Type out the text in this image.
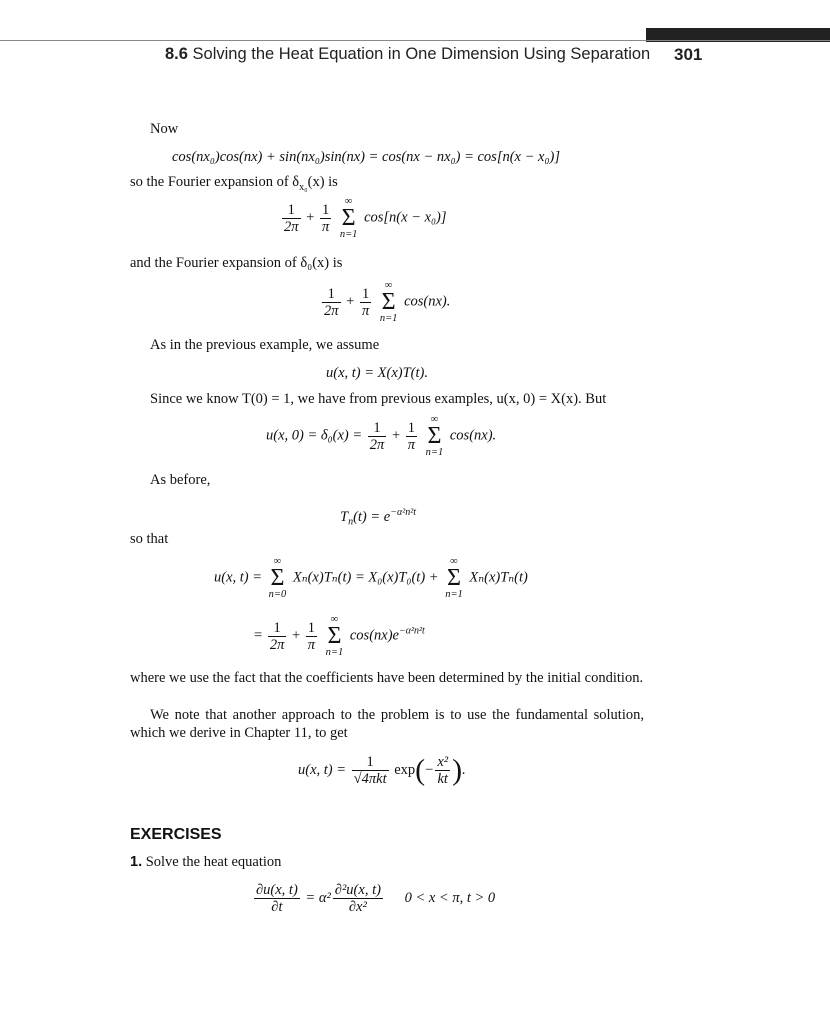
8.6 Solving the Heat Equation in One Dimension Using Separation 301
Now
cos(nx₀)cos(nx) + sin(nx₀)sin(nx) = cos(nx − nx₀) = cos[n(x − x₀)]
so the Fourier expansion of $\delta_{x_0}(x)$ is
$\frac{1}{2\pi} + \frac{1}{\pi}$
	∞
Σ
n=1
cos[n(x − x₀)]
and the Fourier expansion of δ₀(x) is
$\frac{1}{2\pi} + \frac{1}{\pi}$
	∞
Σ
n=1
cos(nx).
As in the previous example, we assume
u(x, t) = X(x)T(t).
Since we know T(0) = 1, we have from previous examples, u(x, 0) = X(x). But
u(x, $0) = \delta_0(x) = \frac{1}{2\pi} + \frac{1}{\pi}$
	∞
Σ
n=1
cos(nx).
As before,
$T_n(t) = e^{-\alpha^2n^2t}$
so that
u(x, t) =
∞
Σ
n=0
Xₙ(x)Tₙ(t) = X₀(x)T₀(t) +
∞
Σ
n=1
Xₙ(x)Tₙ(t)
= $\frac{1}{2\pi} + \frac{1}{\pi}$
	∞
Σ
n=1
$\cos(nx)e^{-\alpha^2n^2t}$
where we use the fact that the coefficients have been determined by the initial condition.
We note that another approach to the problem is to use the fundamental solution, which we derive in Chapter 11, to get
u(x, $t) = \frac{1}{\text{√4πkt}} \exp(- \frac{\text{x²}}{kt}$ ).
EXERCISES
1. Solve the heat equation
$\frac{\partial u(x, t)}{\partial t} = \alpha^2 \frac{\text{∂²u(x, t)}}{\text{∂x²}} 0 < x < \pi$, t > 0
